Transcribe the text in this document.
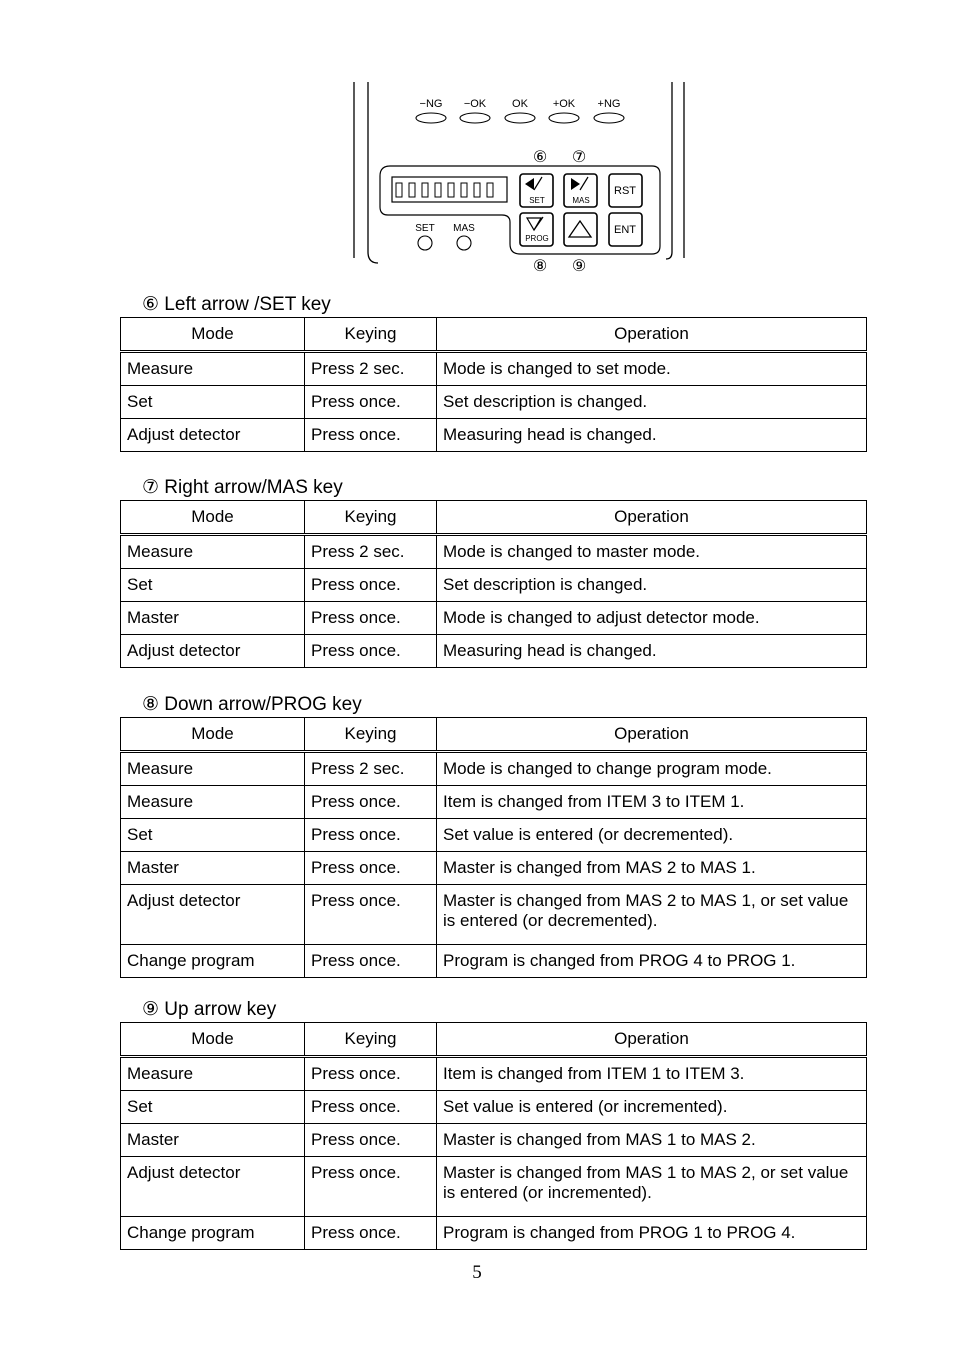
−NG −OK OK +OK +NG
⑥ ⑦
⑧ ⑨
SET MAS
SET	MAS
RST
PROG
ENT
⑥ Left arrow /SET key
Mode	Keying	Operation
Measure	Press 2 sec.	Mode is changed to set mode.
Set	Press once.	Set description is changed.
Adjust detector	Press once.	Measuring head is changed.
⑦ Right arrow/MAS key
Mode	Keying	Operation
Measure	Press 2 sec.	Mode is changed to master mode.
Set	Press once.	Set description is changed.
Master	Press once.	Mode is changed to adjust detector mode.
Adjust detector	Press once.	Measuring head is changed.
⑧ Down arrow/PROG key
Mode	Keying	Operation
Measure	Press 2 sec.	Mode is changed to change program mode.
Measure	Press once.	Item is changed from ITEM 3 to ITEM 1.
Set	Press once.	Set value is entered (or decremented).
Master	Press once.	Master is changed from MAS 2 to MAS 1.
Adjust detector	Press once.	Master is changed from MAS 2 to MAS 1, or set value is entered (or decremented).
Change program	Press once.	Program is changed from PROG 4 to PROG 1.
⑨ Up arrow key
Mode	Keying	Operation
Measure	Press once.	Item is changed from ITEM 1 to ITEM 3.
Set	Press once.	Set value is entered (or incremented).
Master	Press once.	Master is changed from MAS 1 to MAS 2.
Adjust detector	Press once.	Master is changed from MAS 1 to MAS 2, or set value is entered (or incremented).
Change program	Press once.	Program is changed from PROG 1 to PROG 4.
5
